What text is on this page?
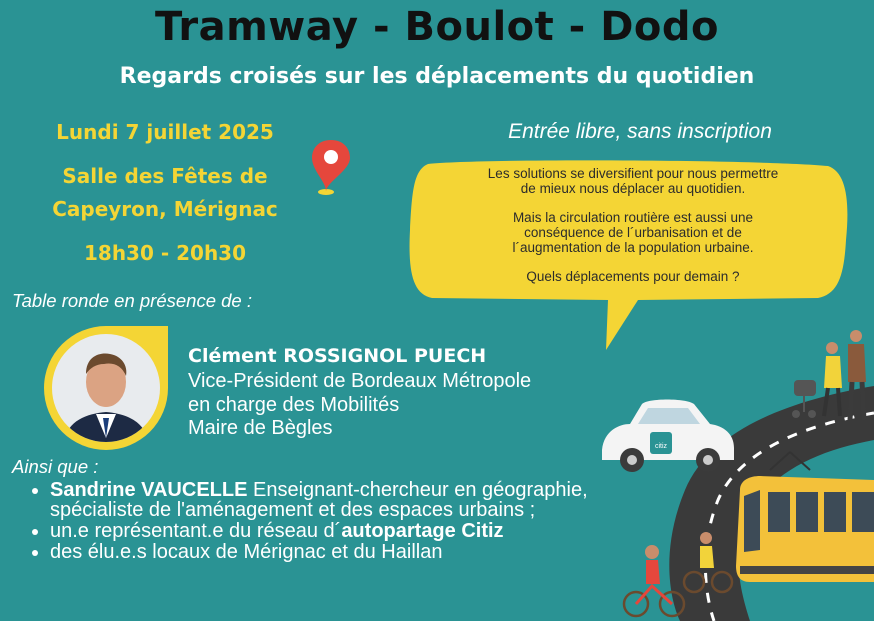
Tramway - Boulot - Dodo
Regards croisés sur les déplacements du quotidien
Lundi 7 juillet 2025
Salle des Fêtes de
Capeyron, Mérignac
18h30 - 20h30
Entrée libre, sans inscription

Les solutions se diversifient pour nous permettre
de mieux nous déplacer au quotidien.

Mais la circulation routière est aussi une
conséquence de l´urbanisation et de
l´augmentation de la population urbaine.

Quels déplacements pour demain ?

Table ronde en présence de :
Clément ROSSIGNOL PUECH
Vice-Président de Bordeaux Métropole
en charge des Mobilités
Maire de Bègles
Ainsi que :
• Sandrine VAUCELLE Enseignant-chercheur en géographie, spécialiste de l'aménagement et des espaces urbains ;
• un.e représentant.e du réseau d´autopartage Citiz
• des élu.e.s locaux de Mérignac et du Haillan
citiz
